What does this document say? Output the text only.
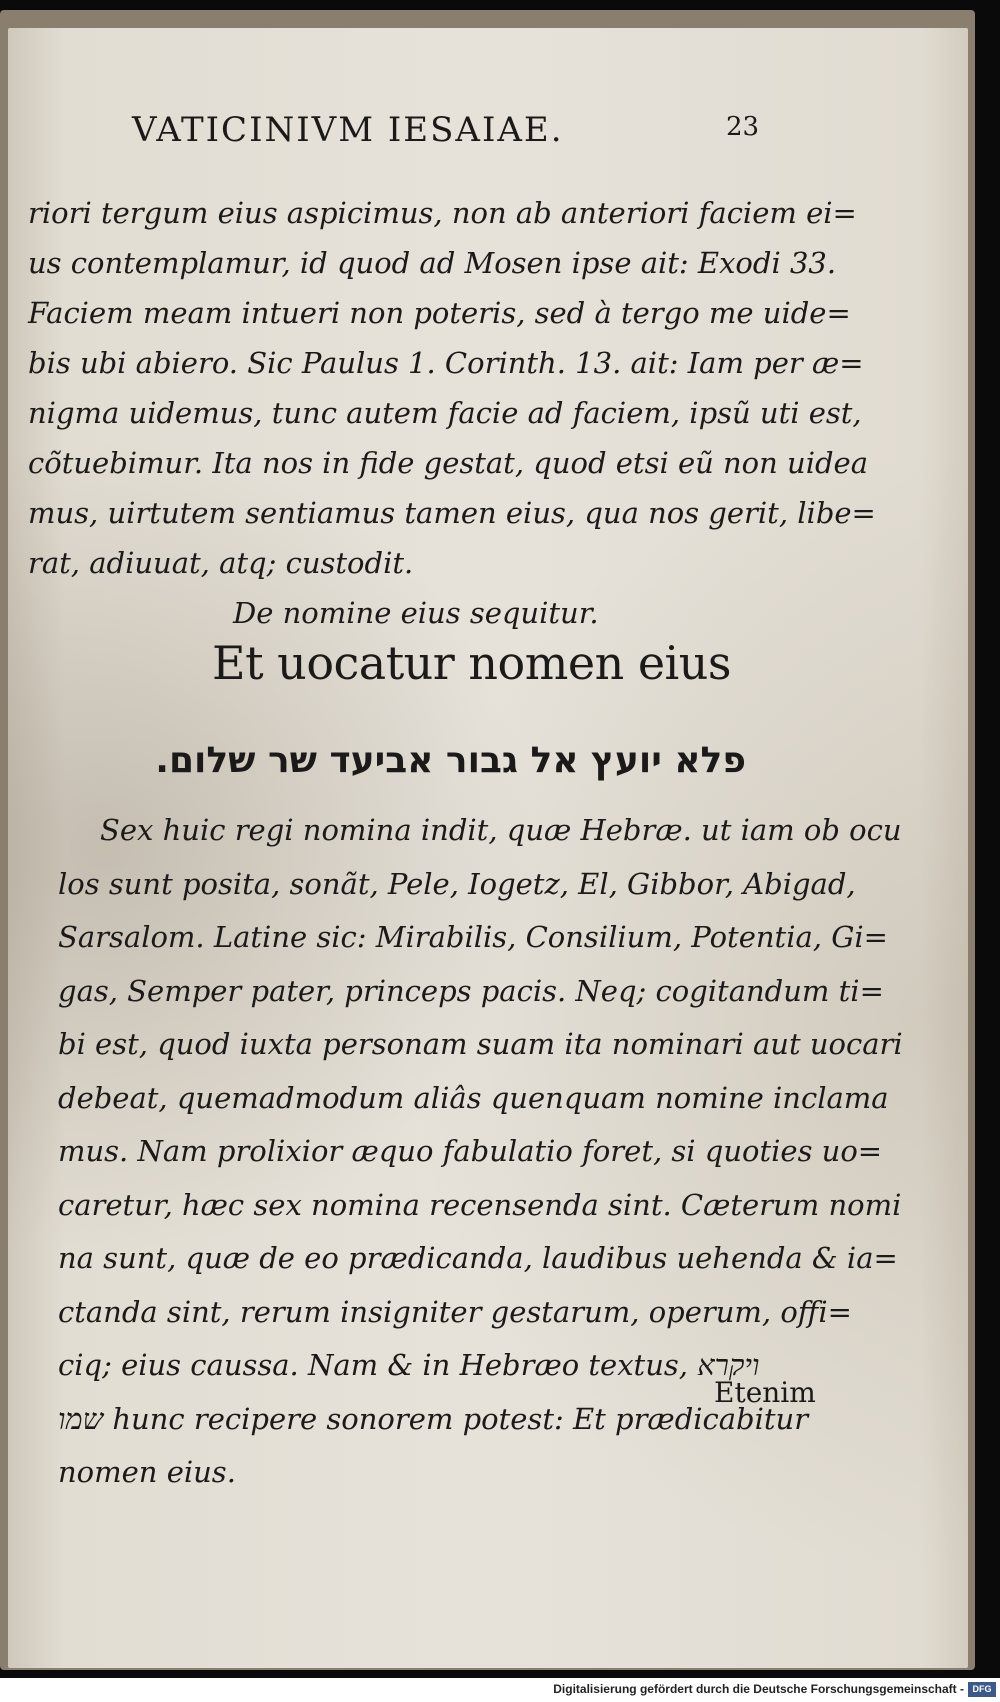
VATICINIVM IESAIAE.	23
riori tergum eius aspicimus, non ab anteriori faciem ei=
us contemplamur, id quod ad Mosen ipse ait: Exodi 33.
Faciem meam intueri non poteris, sed à tergo me uide=
bis ubi abiero. Sic Paulus 1. Corinth. 13. ait: Iam per æ=
nigma uidemus, tunc autem facie ad faciem, ipsũ uti est,
cõtuebimur. Ita nos in fide gestat, quod etsi eũ non uidea
mus, uirtutem sentiamus tamen eius, qua nos gerit, libe=
rat, adiuuat, atq; custodit.
De nomine eius sequitur.
Et uocatur nomen eius
פלא יועץ אל גבור אביעד שר שלום.
Sex huic regi nomina indit, quæ Hebræ. ut iam ob ocu
los sunt posita, sonãt, Pele, Iogetz, El, Gibbor, Abigad,
Sarsalom. Latine sic: Mirabilis, Consilium, Potentia, Gi=
gas, Semper pater, princeps pacis. Neq; cogitandum ti=
bi est, quod iuxta personam suam ita nominari aut uocari
debeat, quemadmodum aliâs quenquam nomine inclama
mus. Nam prolixior æquo fabulatio foret, si quoties uo=
caretur, hæc sex nomina recensenda sint. Cæterum nomi
na sunt, quæ de eo prædicanda, laudibus uehenda & ia=
ctanda sint, rerum insigniter gestarum, operum, offi=
ciq; eius caussa. Nam & in Hebræo textus, ויקרא
שמו hunc recipere sonorem potest: Et prædicabitur
nomen eius.
Etenim
Digitalisierung gefördert durch die Deutsche Forschungsgemeinschaft - DFG
